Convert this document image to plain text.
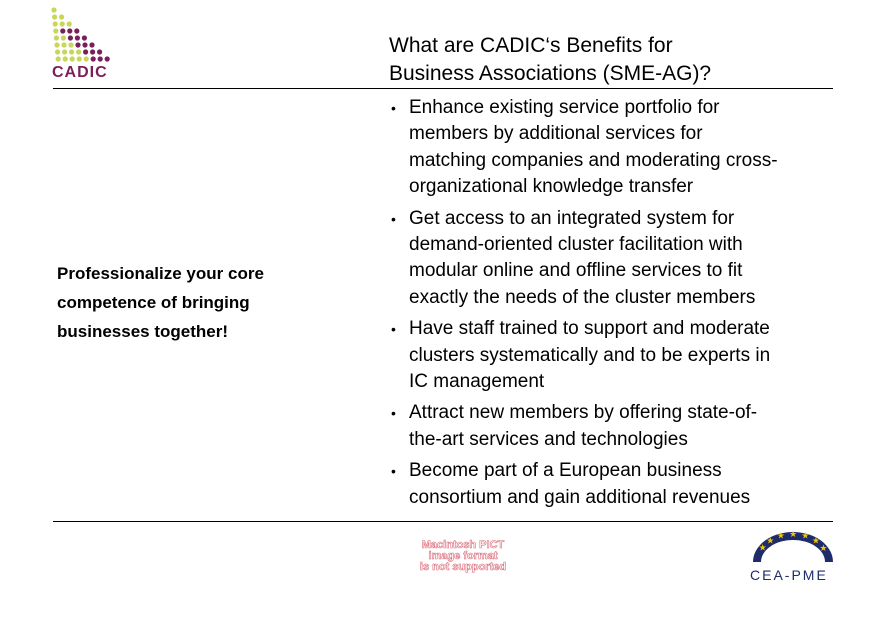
CADIC
What are CADIC‘s Benefits for
Business Associations (SME-AG)?
Professionalize your core
competence of bringing
businesses together!
• Enhance existing service portfolio for
members by additional services for
matching companies and moderating cross-
organizational knowledge transfer
• Get access to an integrated system for
demand-oriented cluster facilitation with
modular online and offline services to fit
exactly the needs of the cluster members
• Have staff trained to support and moderate
clusters systematically and to be experts in
IC management
• Attract new members by offering state-of-
the-art services and technologies
• Become part of a European business
consortium and gain additional revenues
Macintosh PICT
image format
is not supported
★
★ ★ ★ ★ ★
★
CEA-PME
